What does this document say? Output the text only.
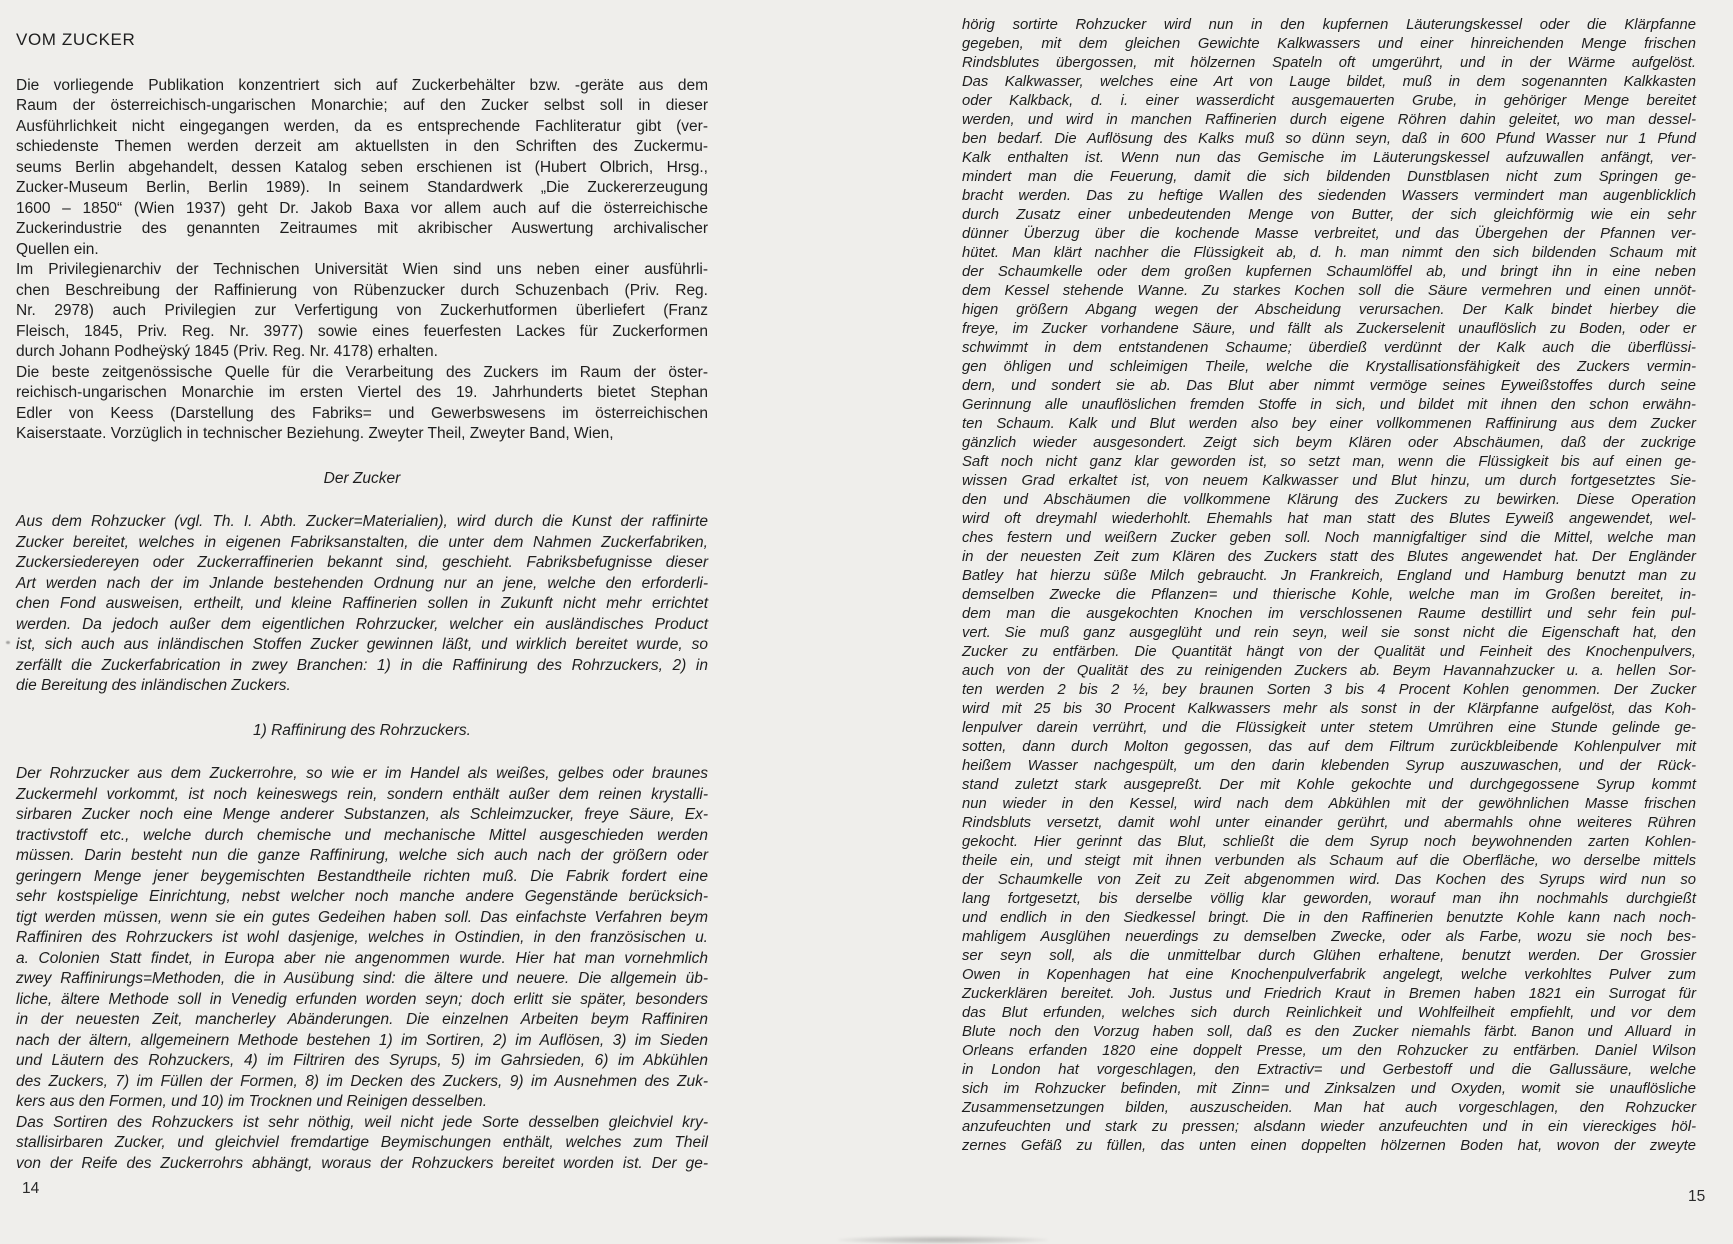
VOM ZUCKER
Die vorliegende Publikation konzentriert sich auf Zuckerbehälter bzw. -geräte aus dem
Raum der österreichisch-ungarischen Monarchie; auf den Zucker selbst soll in dieser
Ausführlichkeit nicht eingegangen werden, da es entsprechende Fachliteratur gibt (ver-
schiedenste Themen werden derzeit am aktuellsten in den Schriften des Zuckermu-
seums Berlin abgehandelt, dessen Katalog seben erschienen ist (Hubert Olbrich, Hrsg.,
Zucker-Museum Berlin, Berlin 1989). In seinem Standardwerk „Die Zuckererzeugung
1600 – 1850“ (Wien 1937) geht Dr. Jakob Baxa vor allem auch auf die österreichische
Zuckerindustrie des genannten Zeitraumes mit akribischer Auswertung archivalischer
Quellen ein.
Im Privilegienarchiv der Technischen Universität Wien sind uns neben einer ausführli-
chen Beschreibung der Raffinierung von Rübenzucker durch Schuzenbach (Priv. Reg.
Nr. 2978) auch Privilegien zur Verfertigung von Zuckerhutformen überliefert (Franz
Fleisch, 1845, Priv. Reg. Nr. 3977) sowie eines feuerfesten Lackes für Zuckerformen
durch Johann Podheÿský 1845 (Priv. Reg. Nr. 4178) erhalten.
Die beste zeitgenössische Quelle für die Verarbeitung des Zuckers im Raum der öster-
reichisch-ungarischen Monarchie im ersten Viertel des 19. Jahrhunderts bietet Stephan
Edler von Keess (Darstellung des Fabriks= und Gewerbswesens im österreichischen
Kaiserstaate. Vorzüglich in technischer Beziehung. Zweyter Theil, Zweyter Band, Wien,
Der Zucker
Aus dem Rohzucker (vgl. Th. I. Abth. Zucker=Materialien), wird durch die Kunst der raffinirte
Zucker bereitet, welches in eigenen Fabriksanstalten, die unter dem Nahmen Zuckerfabriken,
Zuckersiedereyen oder Zuckerraffinerien bekannt sind, geschieht. Fabriksbefugnisse dieser
Art werden nach der im Jnlande bestehenden Ordnung nur an jene, welche den erforderli-
chen Fond ausweisen, ertheilt, und kleine Raffinerien sollen in Zukunft nicht mehr errichtet
werden. Da jedoch außer dem eigentlichen Rohrzucker, welcher ein ausländisches Product
ist, sich auch aus inländischen Stoffen Zucker gewinnen läßt, und wirklich bereitet wurde, so
zerfällt die Zuckerfabrication in zwey Branchen: 1) in die Raffinirung des Rohrzuckers, 2) in
die Bereitung des inländischen Zuckers.
1) Raffinirung des Rohrzuckers.
Der Rohrzucker aus dem Zuckerrohre, so wie er im Handel als weißes, gelbes oder braunes
Zuckermehl vorkommt, ist noch keineswegs rein, sondern enthält außer dem reinen krystalli-
sirbaren Zucker noch eine Menge anderer Substanzen, als Schleimzucker, freye Säure, Ex-
tractivstoff etc., welche durch chemische und mechanische Mittel ausgeschieden werden
müssen. Darin besteht nun die ganze Raffinirung, welche sich auch nach der größern oder
geringern Menge jener beygemischten Bestandtheile richten muß. Die Fabrik fordert eine
sehr kostspielige Einrichtung, nebst welcher noch manche andere Gegenstände berücksich-
tigt werden müssen, wenn sie ein gutes Gedeihen haben soll. Das einfachste Verfahren beym
Raffiniren des Rohrzuckers ist wohl dasjenige, welches in Ostindien, in den französischen u.
a. Colonien Statt findet, in Europa aber nie angenommen wurde. Hier hat man vornehmlich
zwey Raffinirungs=Methoden, die in Ausübung sind: die ältere und neuere. Die allgemein üb-
liche, ältere Methode soll in Venedig erfunden worden seyn; doch erlitt sie später, besonders
in der neuesten Zeit, mancherley Abänderungen. Die einzelnen Arbeiten beym Raffiniren
nach der ältern, allgemeinern Methode bestehen 1) im Sortiren, 2) im Auflösen, 3) im Sieden
und Läutern des Rohzuckers, 4) im Filtriren des Syrups, 5) im Gahrsieden, 6) im Abkühlen
des Zuckers, 7) im Füllen der Formen, 8) im Decken des Zuckers, 9) im Ausnehmen des Zuk-
kers aus den Formen, und 10) im Trocknen und Reinigen desselben.
Das Sortiren des Rohzuckers ist sehr nöthig, weil nicht jede Sorte desselben gleichviel kry-
stallisirbaren Zucker, und gleichviel fremdartige Beymischungen enthält, welches zum Theil
von der Reife des Zuckerrohrs abhängt, woraus der Rohzuckers bereitet worden ist. Der ge-
hörig sortirte Rohzucker wird nun in den kupfernen Läuterungskessel oder die Klärpfanne
gegeben, mit dem gleichen Gewichte Kalkwassers und einer hinreichenden Menge frischen
Rindsblutes übergossen, mit hölzernen Spateln oft umgerührt, und in der Wärme aufgelöst.
Das Kalkwasser, welches eine Art von Lauge bildet, muß in dem sogenannten Kalkkasten
oder Kalkback, d. i. einer wasserdicht ausgemauerten Grube, in gehöriger Menge bereitet
werden, und wird in manchen Raffinerien durch eigene Röhren dahin geleitet, wo man dessel-
ben bedarf. Die Auflösung des Kalks muß so dünn seyn, daß in 600 Pfund Wasser nur 1 Pfund
Kalk enthalten ist. Wenn nun das Gemische im Läuterungskessel aufzuwallen anfängt, ver-
mindert man die Feuerung, damit die sich bildenden Dunstblasen nicht zum Springen ge-
bracht werden. Das zu heftige Wallen des siedenden Wassers vermindert man augenblicklich
durch Zusatz einer unbedeutenden Menge von Butter, der sich gleichförmig wie ein sehr
dünner Überzug über die kochende Masse verbreitet, und das Übergehen der Pfannen ver-
hütet. Man klärt nachher die Flüssigkeit ab, d. h. man nimmt den sich bildenden Schaum mit
der Schaumkelle oder dem großen kupfernen Schaumlöffel ab, und bringt ihn in eine neben
dem Kessel stehende Wanne. Zu starkes Kochen soll die Säure vermehren und einen unnöt-
higen größern Abgang wegen der Abscheidung verursachen. Der Kalk bindet hierbey die
freye, im Zucker vorhandene Säure, und fällt als Zuckerselenit unauflöslich zu Boden, oder er
schwimmt in dem entstandenen Schaume; überdieß verdünnt der Kalk auch die überflüssi-
gen öhligen und schleimigen Theile, welche die Krystallisationsfähigkeit des Zuckers vermin-
dern, und sondert sie ab. Das Blut aber nimmt vermöge seines Eyweißstoffes durch seine
Gerinnung alle unauflöslichen fremden Stoffe in sich, und bildet mit ihnen den schon erwähn-
ten Schaum. Kalk und Blut werden also bey einer vollkommenen Raffinirung aus dem Zucker
gänzlich wieder ausgesondert. Zeigt sich beym Klären oder Abschäumen, daß der zuckrige
Saft noch nicht ganz klar geworden ist, so setzt man, wenn die Flüssigkeit bis auf einen ge-
wissen Grad erkaltet ist, von neuem Kalkwasser und Blut hinzu, um durch fortgesetztes Sie-
den und Abschäumen die vollkommene Klärung des Zuckers zu bewirken. Diese Operation
wird oft dreymahl wiederhohlt. Ehemahls hat man statt des Blutes Eyweiß angewendet, wel-
ches festern und weißern Zucker geben soll. Noch mannigfaltiger sind die Mittel, welche man
in der neuesten Zeit zum Klären des Zuckers statt des Blutes angewendet hat. Der Engländer
Batley hat hierzu süße Milch gebraucht. Jn Frankreich, England und Hamburg benutzt man zu
demselben Zwecke die Pflanzen= und thierische Kohle, welche man im Großen bereitet, in-
dem man die ausgekochten Knochen im verschlossenen Raume destillirt und sehr fein pul-
vert. Sie muß ganz ausgeglüht und rein seyn, weil sie sonst nicht die Eigenschaft hat, den
Zucker zu entfärben. Die Quantität hängt von der Qualität und Feinheit des Knochenpulvers,
auch von der Qualität des zu reinigenden Zuckers ab. Beym Havannahzucker u. a. hellen Sor-
ten werden 2 bis 2 ½, bey braunen Sorten 3 bis 4 Procent Kohlen genommen. Der Zucker
wird mit 25 bis 30 Procent Kalkwassers mehr als sonst in der Klärpfanne aufgelöst, das Koh-
lenpulver darein verrührt, und die Flüssigkeit unter stetem Umrühren eine Stunde gelinde ge-
sotten, dann durch Molton gegossen, das auf dem Filtrum zurückbleibende Kohlenpulver mit
heißem Wasser nachgespült, um den darin klebenden Syrup auszuwaschen, und der Rück-
stand zuletzt stark ausgepreßt. Der mit Kohle gekochte und durchgegossene Syrup kommt
nun wieder in den Kessel, wird nach dem Abkühlen mit der gewöhnlichen Masse frischen
Rindsbluts versetzt, damit wohl unter einander gerührt, und abermahls ohne weiteres Rühren
gekocht. Hier gerinnt das Blut, schließt die dem Syrup noch beywohnenden zarten Kohlen-
theile ein, und steigt mit ihnen verbunden als Schaum auf die Oberfläche, wo derselbe mittels
der Schaumkelle von Zeit zu Zeit abgenommen wird. Das Kochen des Syrups wird nun so
lang fortgesetzt, bis derselbe völlig klar geworden, worauf man ihn nochmahls durchgießt
und endlich in den Siedkessel bringt. Die in den Raffinerien benutzte Kohle kann nach noch-
mahligem Ausglühen neuerdings zu demselben Zwecke, oder als Farbe, wozu sie noch bes-
ser seyn soll, als die unmittelbar durch Glühen erhaltene, benutzt werden. Der Grossier
Owen in Kopenhagen hat eine Knochenpulverfabrik angelegt, welche verkohltes Pulver zum
Zuckerklären bereitet. Joh. Justus und Friedrich Kraut in Bremen haben 1821 ein Surrogat für
das Blut erfunden, welches sich durch Reinlichkeit und Wohlfeilheit empfiehlt, und vor dem
Blute noch den Vorzug haben soll, daß es den Zucker niemahls färbt. Banon und Alluard in
Orleans erfanden 1820 eine doppelt Presse, um den Rohzucker zu entfärben. Daniel Wilson
in London hat vorgeschlagen, den Extractiv= und Gerbestoff und die Gallussäure, welche
sich im Rohzucker befinden, mit Zinn= und Zinksalzen und Oxyden, womit sie unauflösliche
Zusammensetzungen bilden, auszuscheiden. Man hat auch vorgeschlagen, den Rohzucker
anzufeuchten und stark zu pressen; alsdann wieder anzufeuchten und in ein viereckiges höl-
zernes Gefäß zu füllen, das unten einen doppelten hölzernen Boden hat, wovon der zweyte
14	15
